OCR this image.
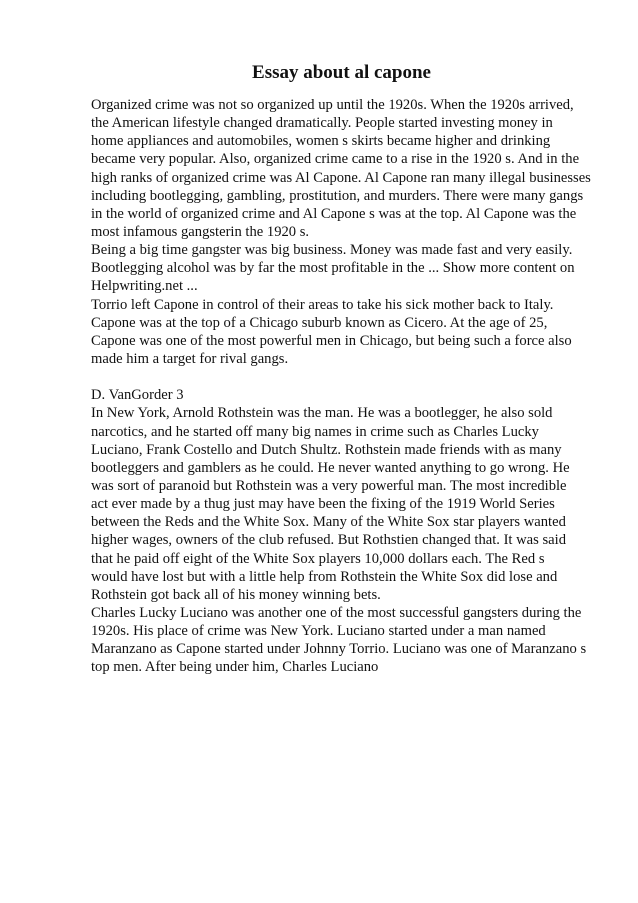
Essay about al capone
Organized crime was not so organized up until the 1920s. When the 1920s arrived,
the American lifestyle changed dramatically. People started investing money in
home appliances and automobiles, women s skirts became higher and drinking
became very popular. Also, organized crime came to a rise in the 1920 s. And in the
high ranks of organized crime was Al Capone. Al Capone ran many illegal businesses
including bootlegging, gambling, prostitution, and murders. There were many gangs
in the world of organized crime and Al Capone s was at the top. Al Capone was the
most infamous gangsterin the 1920 s.
Being a big time gangster was big business. Money was made fast and very easily.
Bootlegging alcohol was by far the most profitable in the ... Show more content on
Helpwriting.net ...
Torrio left Capone in control of their areas to take his sick mother back to Italy.
Capone was at the top of a Chicago suburb known as Cicero. At the age of 25,
Capone was one of the most powerful men in Chicago, but being such a force also
made him a target for rival gangs.
D. VanGorder 3
In New York, Arnold Rothstein was the man. He was a bootlegger, he also sold
narcotics, and he started off many big names in crime such as Charles Lucky
Luciano, Frank Costello and Dutch Shultz. Rothstein made friends with as many
bootleggers and gamblers as he could. He never wanted anything to go wrong. He
was sort of paranoid but Rothstein was a very powerful man. The most incredible
act ever made by a thug just may have been the fixing of the 1919 World Series
between the Reds and the White Sox. Many of the White Sox star players wanted
higher wages, owners of the club refused. But Rothstien changed that. It was said
that he paid off eight of the White Sox players 10,000 dollars each. The Red s
would have lost but with a little help from Rothstein the White Sox did lose and
Rothstein got back all of his money winning bets.
Charles Lucky Luciano was another one of the most successful gangsters during the
1920s. His place of crime was New York. Luciano started under a man named
Maranzano as Capone started under Johnny Torrio. Luciano was one of Maranzano s
top men. After being under him, Charles Luciano
